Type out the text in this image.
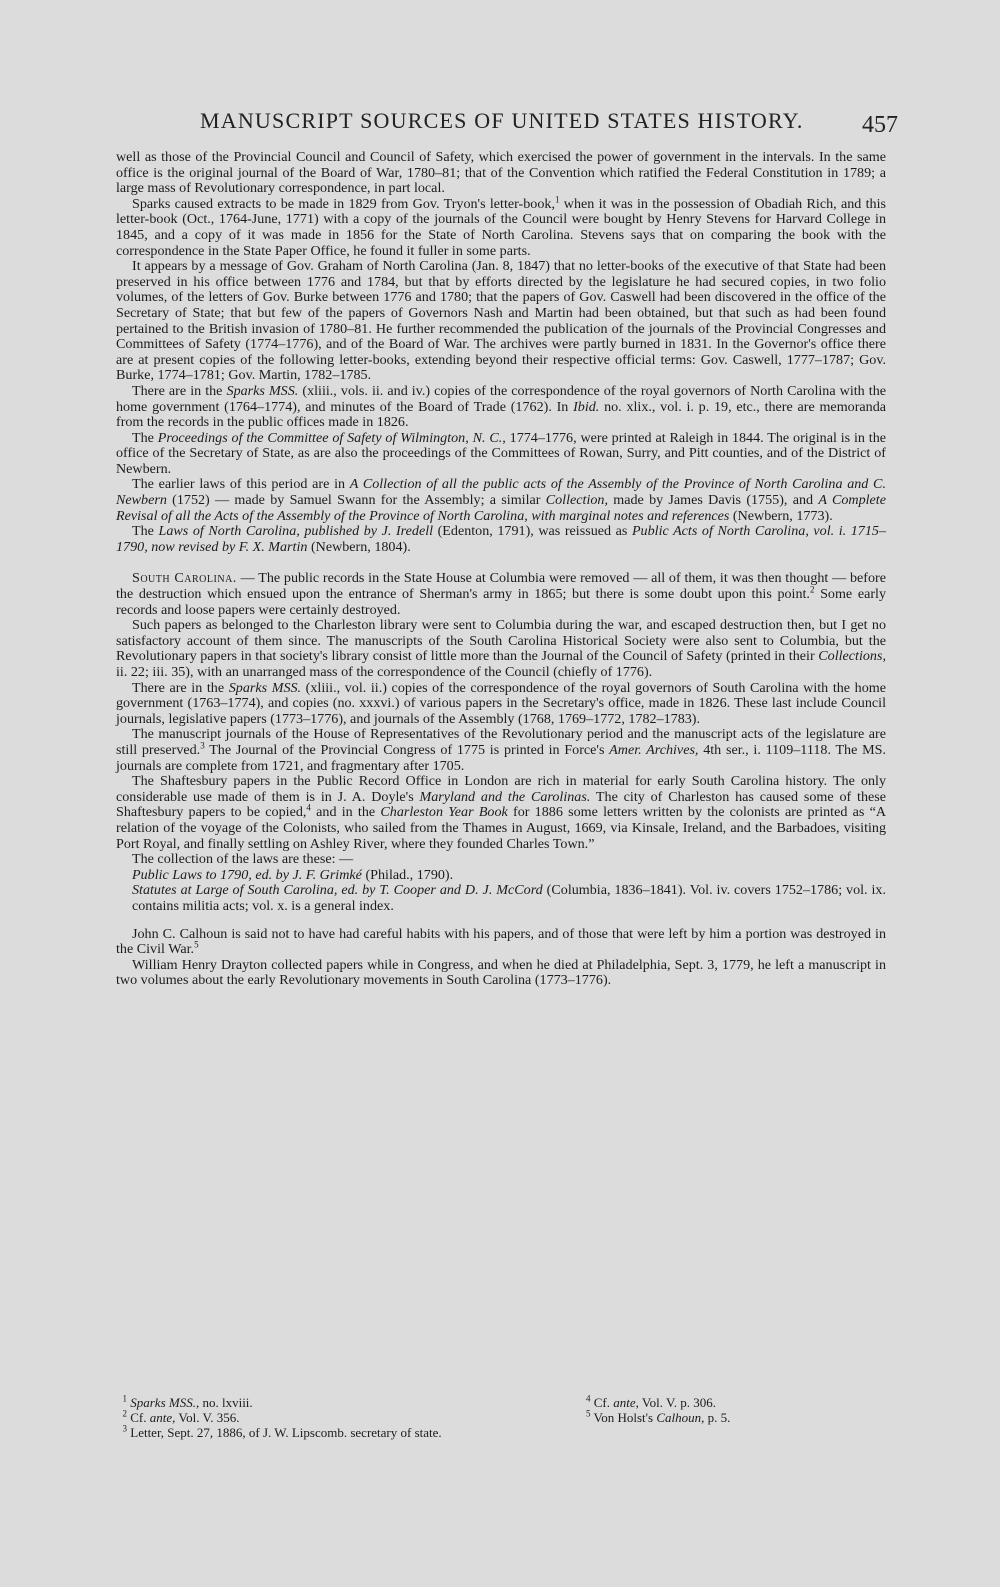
MANUSCRIPT SOURCES OF UNITED STATES HISTORY. 457

well as those of the Provincial Council and Council of Safety, which exercised the power of government in the intervals. In the same office is the original journal of the Board of War, 1780–81; that of the Convention which ratified the Federal Constitution in 1789; a large mass of Revolutionary correspondence, in part local.

Sparks caused extracts to be made in 1829 from Gov. Tryon's letter-book,$^1$ when it was in the possession of Obadiah Rich, and this letter-book (Oct., 1764-June, 1771) with a copy of the journals of the Council were bought by Henry Stevens for Harvard College in 1845, and a copy of it was made in 1856 for the State of North Carolina. Stevens says that on comparing the book with the correspondence in the State Paper Office, he found it fuller in some parts.

It appears by a message of Gov. Graham of North Carolina (Jan. 8, 1847) that no letter-books of the executive of that State had been preserved in his office between 1776 and 1784, but that by efforts directed by the legislature he had secured copies, in two folio volumes, of the letters of Gov. Burke between 1776 and 1780; that the papers of Gov. Caswell had been discovered in the office of the Secretary of State; that but few of the papers of Governors Nash and Martin had been obtained, but that such as had been found pertained to the British invasion of 1780–81. He further recommended the publication of the journals of the Provincial Congresses and Committees of Safety (1774–1776), and of the Board of War. The archives were partly burned in 1831. In the Governor's office there are at present copies of the following letter-books, extending beyond their respective official terms: Gov. Caswell, 1777–1787; Gov. Burke, 1774–1781; Gov. Martin, 1782–1785.

There are in the Sparks MSS. (xliii., vols. ii. and iv.) copies of the correspondence of the royal governors of North Carolina with the home government (1764–1774), and minutes of the Board of Trade (1762). In Ibid. no. xlix., vol. i. p. 19, etc., there are memoranda from the records in the public offices made in 1826.

The Proceedings of the Committee of Safety of Wilmington, N. C., 1774–1776, were printed at Raleigh in 1844. The original is in the office of the Secretary of State, as are also the proceedings of the Committees of Rowan, Surry, and Pitt counties, and of the District of Newbern.

The earlier laws of this period are in A Collection of all the public acts of the Assembly of the Province of North Carolina and C. Newbern (1752) — made by Samuel Swann for the Assembly; a similar Collection, made by James Davis (1755), and A Complete Revisal of all the Acts of the Assembly of the Province of North Carolina, with marginal notes and references (Newbern, 1773).

The Laws of North Carolina, published by J. Iredell (Edenton, 1791), was reissued as Public Acts of North Carolina, vol. i. 1715–1790, now revised by F. X. Martin (Newbern, 1804).

South Carolina. — The public records in the State House at Columbia were removed — all of them, it was then thought — before the destruction which ensued upon the entrance of Sherman's army in 1865; but there is some doubt upon this point.$^2$ Some early records and loose papers were certainly destroyed.

Such papers as belonged to the Charleston library were sent to Columbia during the war, and escaped destruction then, but I get no satisfactory account of them since. The manuscripts of the South Carolina Historical Society were also sent to Columbia, but the Revolutionary papers in that society's library consist of little more than the Journal of the Council of Safety (printed in their Collections, ii. 22; iii. 35), with an unarranged mass of the correspondence of the Council (chiefly of 1776).

There are in the Sparks MSS. (xliii., vol. ii.) copies of the correspondence of the royal governors of South Carolina with the home government (1763–1774), and copies (no. xxxvi.) of various papers in the Secretary's office, made in 1826. These last include Council journals, legislative papers (1773–1776), and journals of the Assembly (1768, 1769–1772, 1782–1783).

The manuscript journals of the House of Representatives of the Revolutionary period and the manuscript acts of the legislature are still preserved.$^3$ The Journal of the Provincial Congress of 1775 is printed in Force's Amer. Archives, 4th ser., i. 1109–1118. The MS. journals are complete from 1721, and fragmentary after 1705.

The Shaftesbury papers in the Public Record Office in London are rich in material for early South Carolina history. The only considerable use made of them is in J. A. Doyle's Maryland and the Carolinas. The city of Charleston has caused some of these Shaftesbury papers to be copied,$^4$ and in the Charleston Year Book for 1886 some letters written by the colonists are printed as “A relation of the voyage of the Colonists, who sailed from the Thames in August, 1669, via Kinsale, Ireland, and the Barbadoes, visiting Port Royal, and finally settling on Ashley River, where they founded Charles Town.”

The collection of the laws are these: —

Public Laws to 1790, ed. by J. F. Grimké (Philad., 1790).

Statutes at Large of South Carolina, ed. by T. Cooper and D. J. McCord (Columbia, 1836–1841). Vol. iv. covers 1752–1786; vol. ix. contains militia acts; vol. x. is a general index.

John C. Calhoun is said not to have had careful habits with his papers, and of those that were left by him a portion was destroyed in the Civil War.$^5$

William Henry Drayton collected papers while in Congress, and when he died at Philadelphia, Sept. 3, 1779, he left a manuscript in two volumes about the early Revolutionary movements in South Carolina (1773–1776).

$^1$ Sparks MSS., no. lxviii.

$^2$ Cf. ante, Vol. V. 356.

$^3$ Letter, Sept. 27, 1886, of J. W. Lipscomb. secretary of state.

$^4$ Cf. ante, Vol. V. p. 306.

$^5$ Von Holst's Calhoun, p. 5.
